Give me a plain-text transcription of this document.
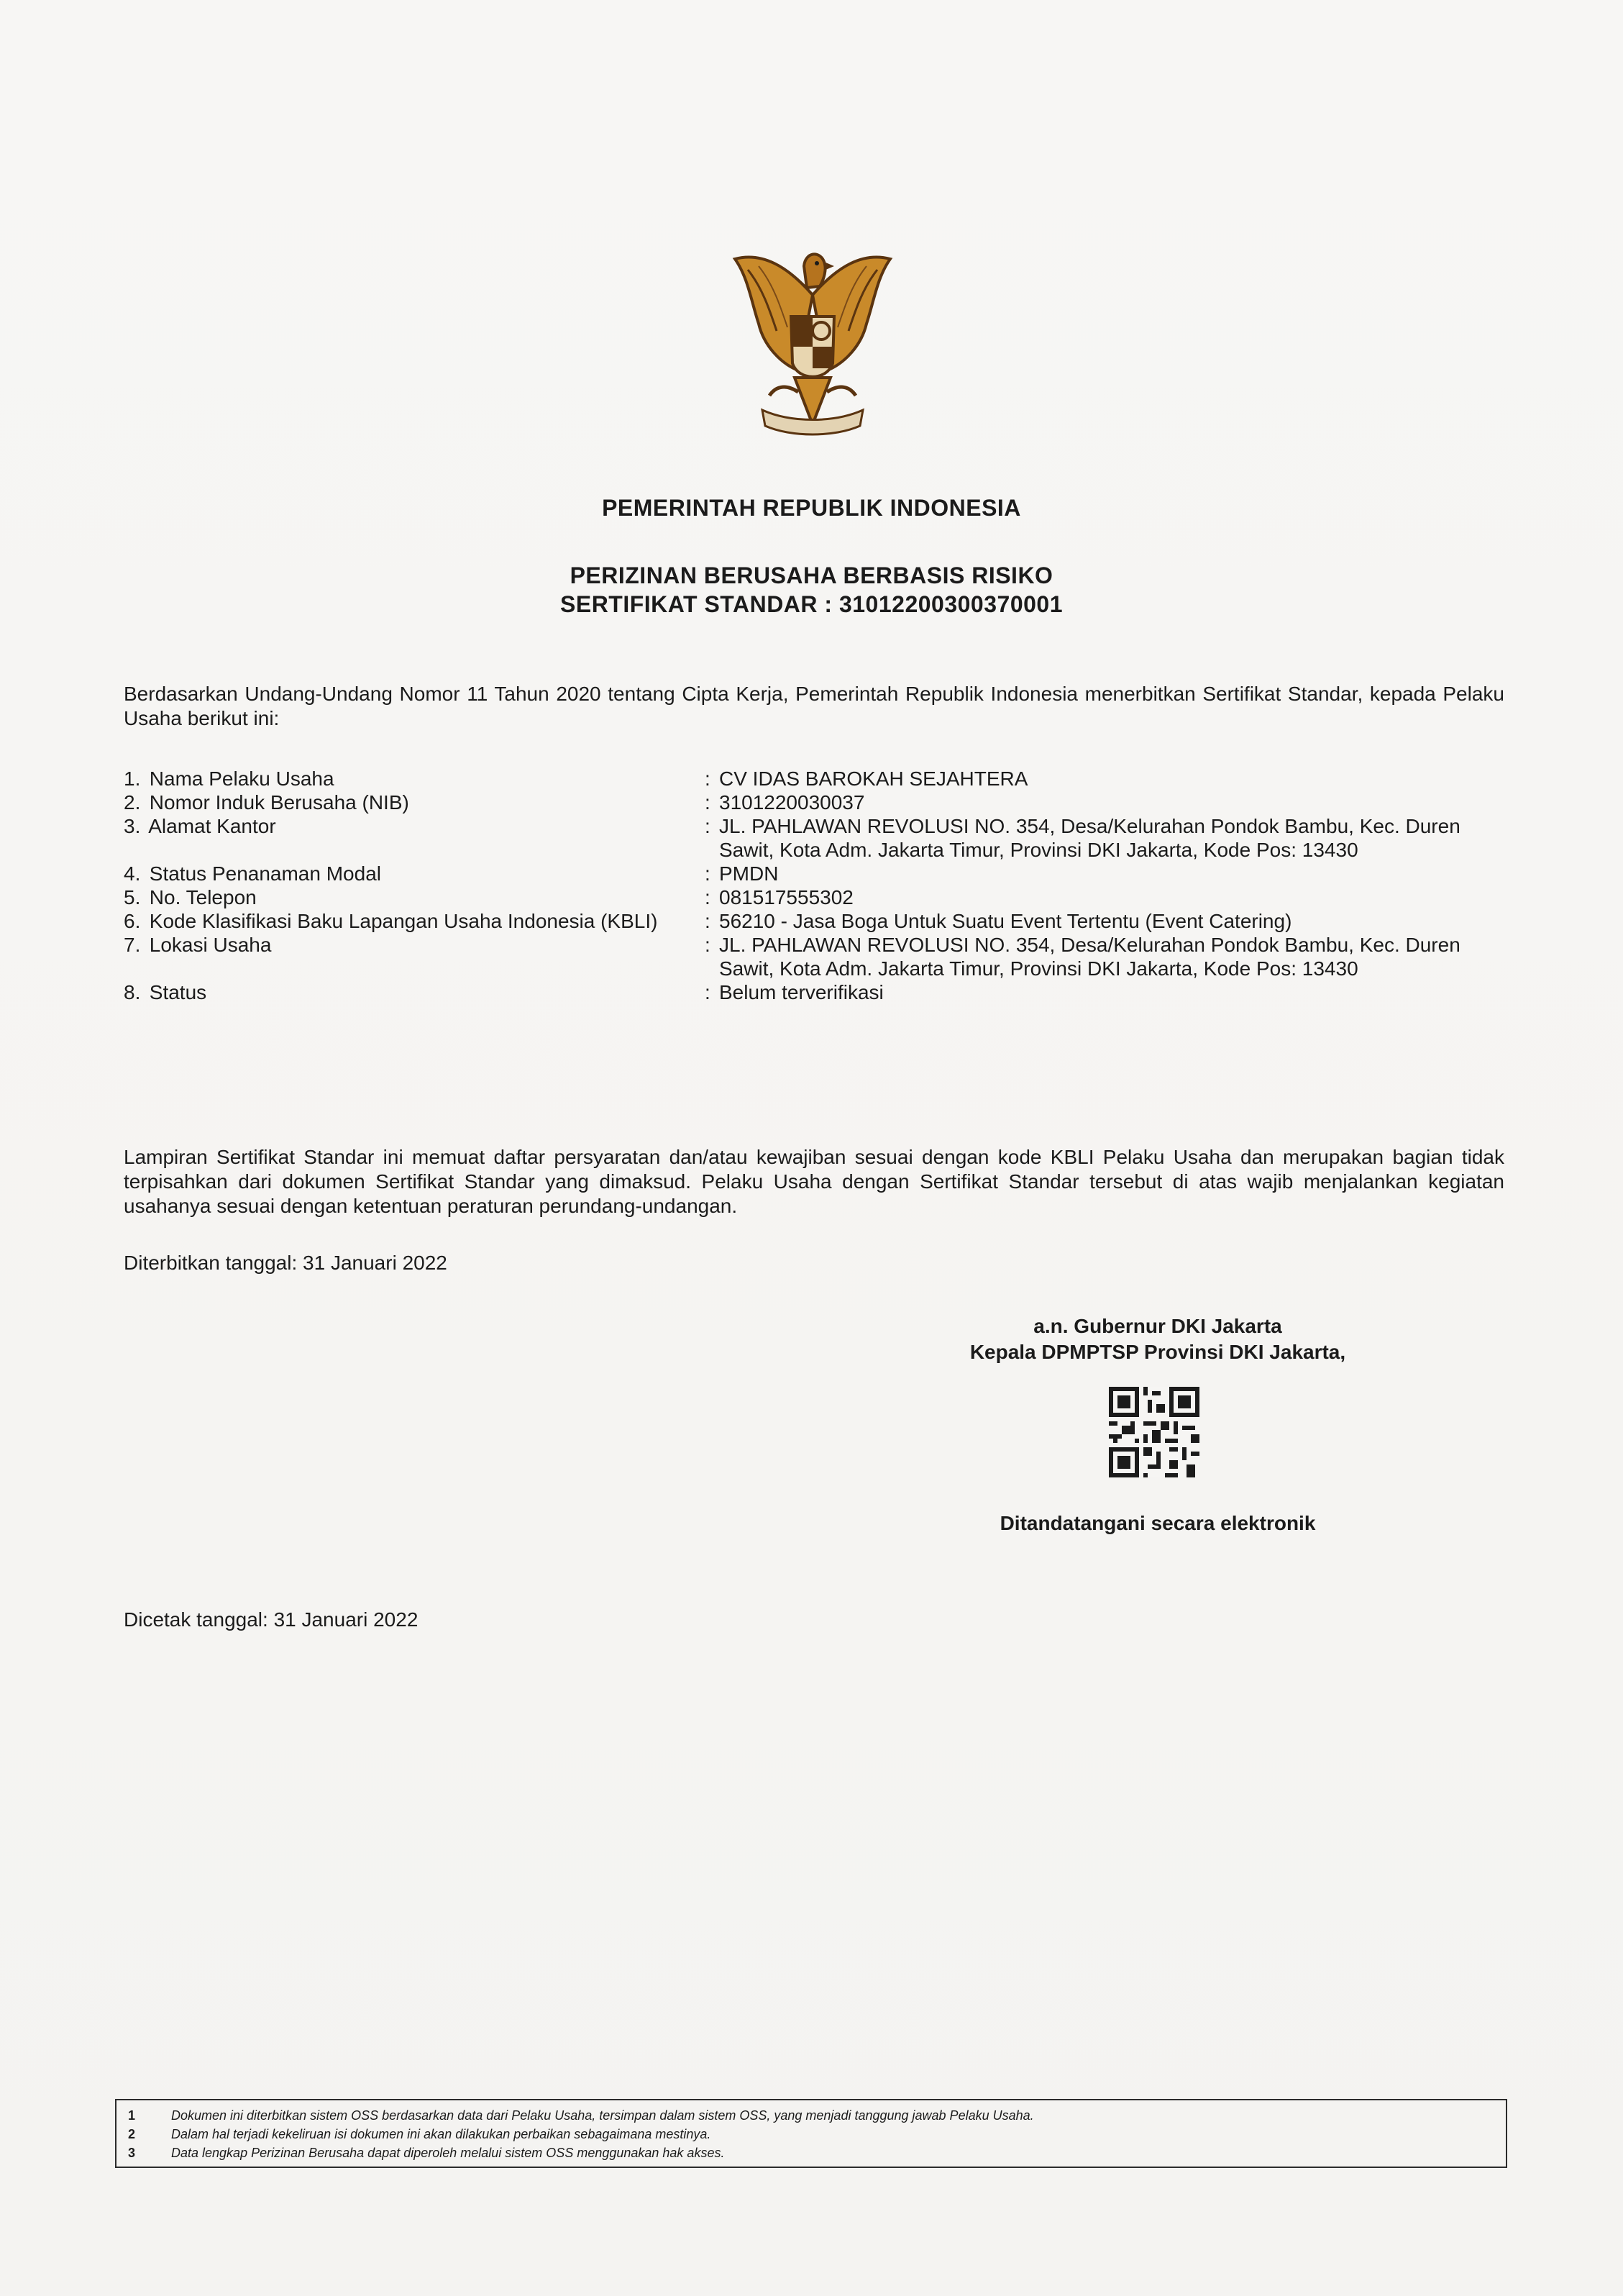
PEMERINTAH REPUBLIK INDONESIA
PERIZINAN BERUSAHA BERBASIS RISIKO
SERTIFIKAT STANDAR : 31012200300370001
Berdasarkan Undang-Undang Nomor 11 Tahun 2020 tentang Cipta Kerja, Pemerintah Republik Indonesia menerbitkan Sertifikat Standar, kepada Pelaku Usaha berikut ini:
1. Nama Pelaku Usaha	: CV IDAS BAROKAH SEJAHTERA
2. Nomor Induk Berusaha (NIB)	: 3101220030037
3. Alamat Kantor	: JL. PAHLAWAN REVOLUSI NO. 354, Desa/Kelurahan Pondok Bambu, Kec. Duren Sawit, Kota Adm. Jakarta Timur, Provinsi DKI Jakarta, Kode Pos: 13430
4. Status Penanaman Modal	: PMDN
5. No. Telepon	: 081517555302
6. Kode Klasifikasi Baku Lapangan Usaha Indonesia (KBLI)	: 56210 - Jasa Boga Untuk Suatu Event Tertentu (Event Catering)
7. Lokasi Usaha	: JL. PAHLAWAN REVOLUSI NO. 354, Desa/Kelurahan Pondok Bambu, Kec. Duren Sawit, Kota Adm. Jakarta Timur, Provinsi DKI Jakarta, Kode Pos: 13430
8. Status	: Belum terverifikasi
Lampiran Sertifikat Standar ini memuat daftar persyaratan dan/atau kewajiban sesuai dengan kode KBLI Pelaku Usaha dan merupakan bagian tidak terpisahkan dari dokumen Sertifikat Standar yang dimaksud. Pelaku Usaha dengan Sertifikat Standar tersebut di atas wajib menjalankan kegiatan usahanya sesuai dengan ketentuan peraturan perundang-undangan.
Diterbitkan tanggal: 31 Januari 2022
a.n. Gubernur DKI Jakarta
Kepala DPMPTSP Provinsi DKI Jakarta,
Ditandatangani secara elektronik
Dicetak tanggal: 31 Januari 2022
1	Dokumen ini diterbitkan sistem OSS berdasarkan data dari Pelaku Usaha, tersimpan dalam sistem OSS, yang menjadi tanggung jawab Pelaku Usaha.
2	Dalam hal terjadi kekeliruan isi dokumen ini akan dilakukan perbaikan sebagaimana mestinya.
3	Data lengkap Perizinan Berusaha dapat diperoleh melalui sistem OSS menggunakan hak akses.
